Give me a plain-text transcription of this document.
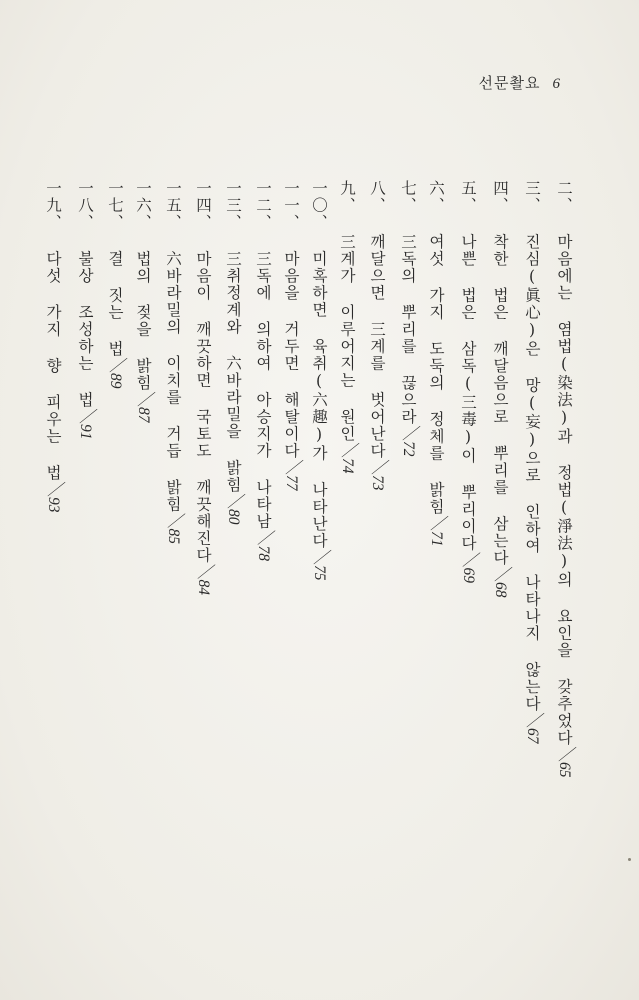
선문촬요 6
二、 마음에는 염법(染法)과 정법(淨法)의 요인을 갖추었다／65
三、 진심(眞心)은 망(妄)으로 인하여 나타나지 않는다／67
四、 착한 법은 깨달음으로 뿌리를 삼는다／68
五、 나쁜 법은 삼독(三毒)이 뿌리이다／69
六、 여섯 가지 도둑의 정체를 밝힘／71
七、 三독의 뿌리를 끊으라／72
八、 깨달으면 三계를 벗어난다／73
九、 三계가 이루어지는 원인／74
一〇、 미혹하면 육취(六趣)가 나타난다／75
一一、 마음을 거두면 해탈이다／77
一二、 三독에 의하여 아승지가 나타남／78
一三、 三취정계와 六바라밀을 밝힘／80
一四、 마음이 깨끗하면 국토도 깨끗해진다／84
一五、 六바라밀의 이치를 거듭 밝힘／85
一六、 법의 젖을 밝힘／87
一七、 결 짓는 법／89
一八、 불상 조성하는 법／91
一九、 다섯 가지 향 피우는 법／93
